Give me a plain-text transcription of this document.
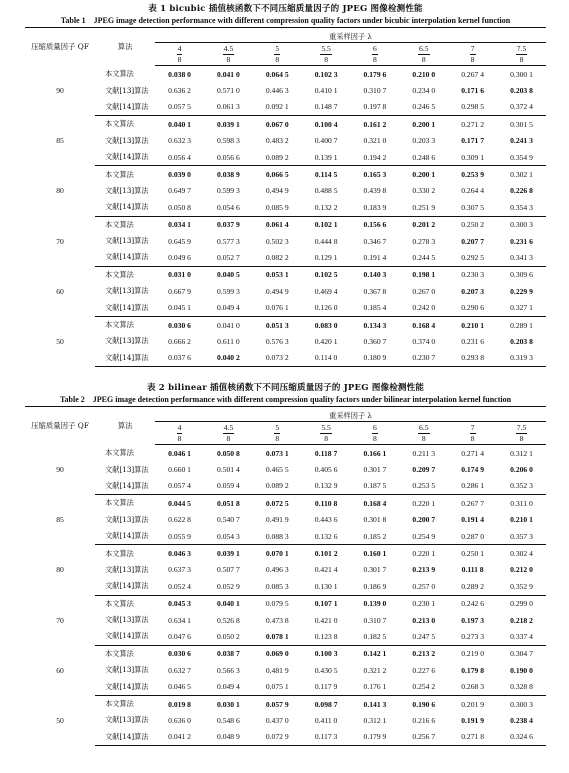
表 1 bicubic 插值核函数下不同压缩质量因子的 JPEG 图像检测性能
Table 1 JPEG image detection performance with different compression quality factors under bicubic interpolation kernel function
压缩质量因子 QF	算法	重采样因子 λ							

		$\frac{4}{8}$	$\frac{4.5}{8}$	$\frac{5}{8}$	$\frac{5.5}{8}$	$\frac{6}{8}$	$\frac{6.5}{8}$	$\frac{7}{8}$	$\frac{7.5}{8}$

90	本文算法	0.038 0	0.041 0	0.064 5	0.102 3	0.179 6	0.210 0	0.267 4	0.300 1
	文献[13]算法	0.636 2	0.571 0	0.446 3	0.410 1	0.310 7	0.234 0	0.171 6	0.203 8
	文献[14]算法	0.057 5	0.061 3	0.092 1	0.148 7	0.197 8	0.246 5	0.298 5	0.372 4
85	本文算法	0.040 1	0.039 1	0.067 0	0.100 4	0.161 2	0.200 1	0.271 2	0.301 5
	文献[13]算法	0.632 3	0.598 3	0.483 2	0.400 7	0.321 0	0.203 3	0.171 7	0.241 3
	文献[14]算法	0.056 4	0.056 6	0.089 2	0.139 1	0.194 2	0.248 6	0.309 1	0.354 9
80	本文算法	0.039 0	0.038 9	0.066 5	0.114 5	0.165 3	0.200 1	0.253 9	0.302 1
	文献[13]算法	0.649 7	0.599 3	0.494 9	0.488 5	0.439 8	0.330 2	0.264 4	0.226 8
	文献[14]算法	0.050 8	0.054 6	0.085 9	0.132 2	0.183 9	0.251 9	0.307 5	0.354 3
70	本文算法	0.034 1	0.037 9	0.061 4	0.102 1	0.156 6	0.201 2	0.250 2	0.300 3
	文献[13]算法	0.645 9	0.577 3	0.502 3	0.444 8	0.346 7	0.278 3	0.207 7	0.231 6
	文献[14]算法	0.049 6	0.052 7	0.082 2	0.129 1	0.191 4	0.244 5	0.292 5	0.341 3
60	本文算法	0.031 0	0.040 5	0.053 1	0.102 5	0.140 3	0.198 1	0.230 3	0.309 6
	文献[13]算法	0.667 9	0.599 3	0.494 9	0.469 4	0.367 8	0.267 0	0.207 3	0.229 9
	文献[14]算法	0.045 1	0.049 4	0.076 1	0.126 0	0.185 4	0.242 0	0.290 6	0.327 1
50	本文算法	0.030 6	0.041 0	0.051 3	0.083 0	0.134 3	0.168 4	0.210 1	0.289 1
	文献[13]算法	0.666 2	0.611 0	0.576 3	0.420 1	0.360 7	0.374 0	0.231 6	0.203 8
	文献[14]算法	0.037 6	0.040 2	0.073 2	0.114 0	0.180 9	0.230 7	0.293 8	0.319 3
表 2 bilinear 插值核函数下不同压缩质量因子的 JPEG 图像检测性能
Table 2 JPEG image detection performance with different compression quality factors under bilinear interpolation kernel function
压缩质量因子 QF	算法	重采样因子 λ							

		$\frac{4}{8}$	$\frac{4.5}{8}$	$\frac{5}{8}$	$\frac{5.5}{8}$	$\frac{6}{8}$	$\frac{6.5}{8}$	$\frac{7}{8}$	$\frac{7.5}{8}$

90	本文算法	0.046 1	0.050 8	0.073 1	0.118 7	0.166 1	0.211 3	0.271 4	0.312 1
	文献[13]算法	0.660 1	0.501 4	0.465 5	0.405 6	0.301 7	0.209 7	0.174 9	0.206 0
	文献[14]算法	0.057 4	0.059 4	0.089 2	0.132 9	0.187 5	0.253 5	0.286 1	0.352 3
85	本文算法	0.044 5	0.051 8	0.072 5	0.110 8	0.168 4	0.220 1	0.267 7	0.311 0
	文献[13]算法	0.622 8	0.540 7	0.491 9	0.443 6	0.301 8	0.200 7	0.191 4	0.210 1
	文献[14]算法	0.055 9	0.054 3	0.088 3	0.132 6	0.185 2	0.254 9	0.287 0	0.357 3
80	本文算法	0.046 3	0.039 1	0.070 1	0.101 2	0.160 1	0.220 1	0.250 1	0.302 4
	文献[13]算法	0.637 3	0.507 7	0.496 3	0.421 4	0.301 7	0.213 9	0.111 8	0.212 0
	文献[14]算法	0.052 4	0.052 9	0.085 3	0.130 1	0.186 9	0.257 0	0.289 2	0.352 9
70	本文算法	0.045 3	0.040 1	0.079 5	0.107 1	0.139 0	0.230 1	0.242 6	0.299 0
	文献[13]算法	0.634 1	0.526 8	0.473 8	0.421 0	0.310 7	0.213 0	0.197 3	0.218 2
	文献[14]算法	0.047 6	0.050 2	0.078 1	0.123 8	0.182 5	0.247 5	0.273 3	0.337 4
60	本文算法	0.030 6	0.038 7	0.069 0	0.100 3	0.142 1	0.213 2	0.219 0	0.304 7
	文献[13]算法	0.632 7	0.566 3	0.481 9	0.430 5	0.321 2	0.227 6	0.179 8	0.190 0
	文献[14]算法	0.046 5	0.049 4	0.075 1	0.117 9	0.176 1	0.254 2	0.268 3	0.328 8
50	本文算法	0.019 8	0.030 1	0.057 9	0.098 7	0.141 3	0.190 6	0.201 9	0.300 3
	文献[13]算法	0.636 0	0.548 6	0.437 0	0.411 0	0.312 1	0.216 6	0.191 9	0.238 4
	文献[14]算法	0.041 2	0.048 9	0.072 9	0.117 3	0.179 9	0.256 7	0.271 8	0.324 6
